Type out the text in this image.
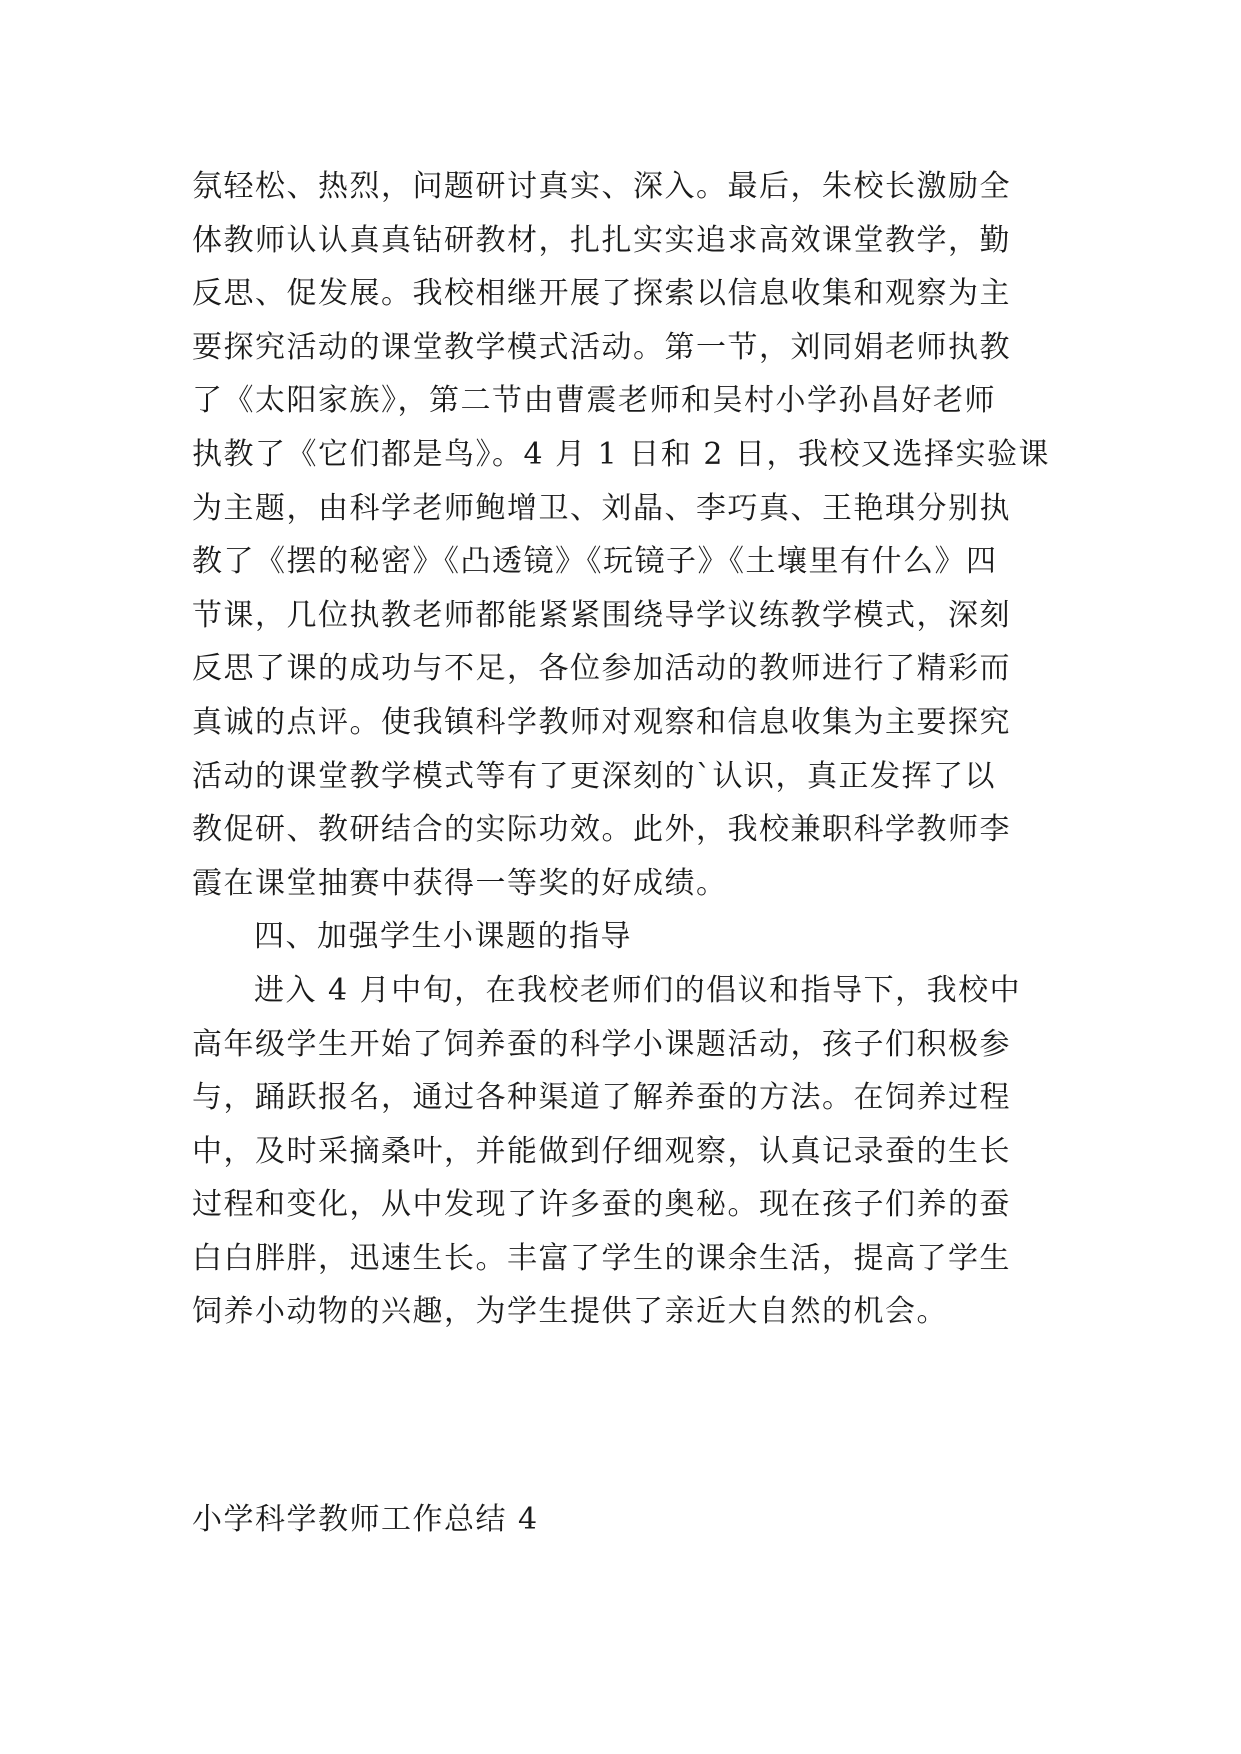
氛轻松、热烈，问题研讨真实、深入。最后，朱校长激励全
体教师认认真真钻研教材，扎扎实实追求高效课堂教学，勤
反思、促发展。我校相继开展了探索以信息收集和观察为主
要探究活动的课堂教学模式活动。第一节，刘同娟老师执教
了《太阳家族》，第二节由曹震老师和吴村小学孙昌好老师
执教了《它们都是鸟》。4 月 1 日和 2 日，我校又选择实验课
为主题，由科学老师鲍增卫、刘晶、李巧真、王艳琪分别执
教了《摆的秘密》《凸透镜》《玩镜子》《土壤里有什么》四
节课，几位执教老师都能紧紧围绕导学议练教学模式，深刻
反思了课的成功与不足，各位参加活动的教师进行了精彩而
真诚的点评。使我镇科学教师对观察和信息收集为主要探究
活动的课堂教学模式等有了更深刻的`认识，真正发挥了以
教促研、教研结合的实际功效。此外，我校兼职科学教师李
霞在课堂抽赛中获得一等奖的好成绩。
四、加强学生小课题的指导
进入 4 月中旬，在我校老师们的倡议和指导下，我校中
高年级学生开始了饲养蚕的科学小课题活动，孩子们积极参
与，踊跃报名，通过各种渠道了解养蚕的方法。在饲养过程
中，及时采摘桑叶，并能做到仔细观察，认真记录蚕的生长
过程和变化，从中发现了许多蚕的奥秘。现在孩子们养的蚕
白白胖胖，迅速生长。丰富了学生的课余生活，提高了学生
饲养小动物的兴趣，为学生提供了亲近大自然的机会。
小学科学教师工作总结 4
